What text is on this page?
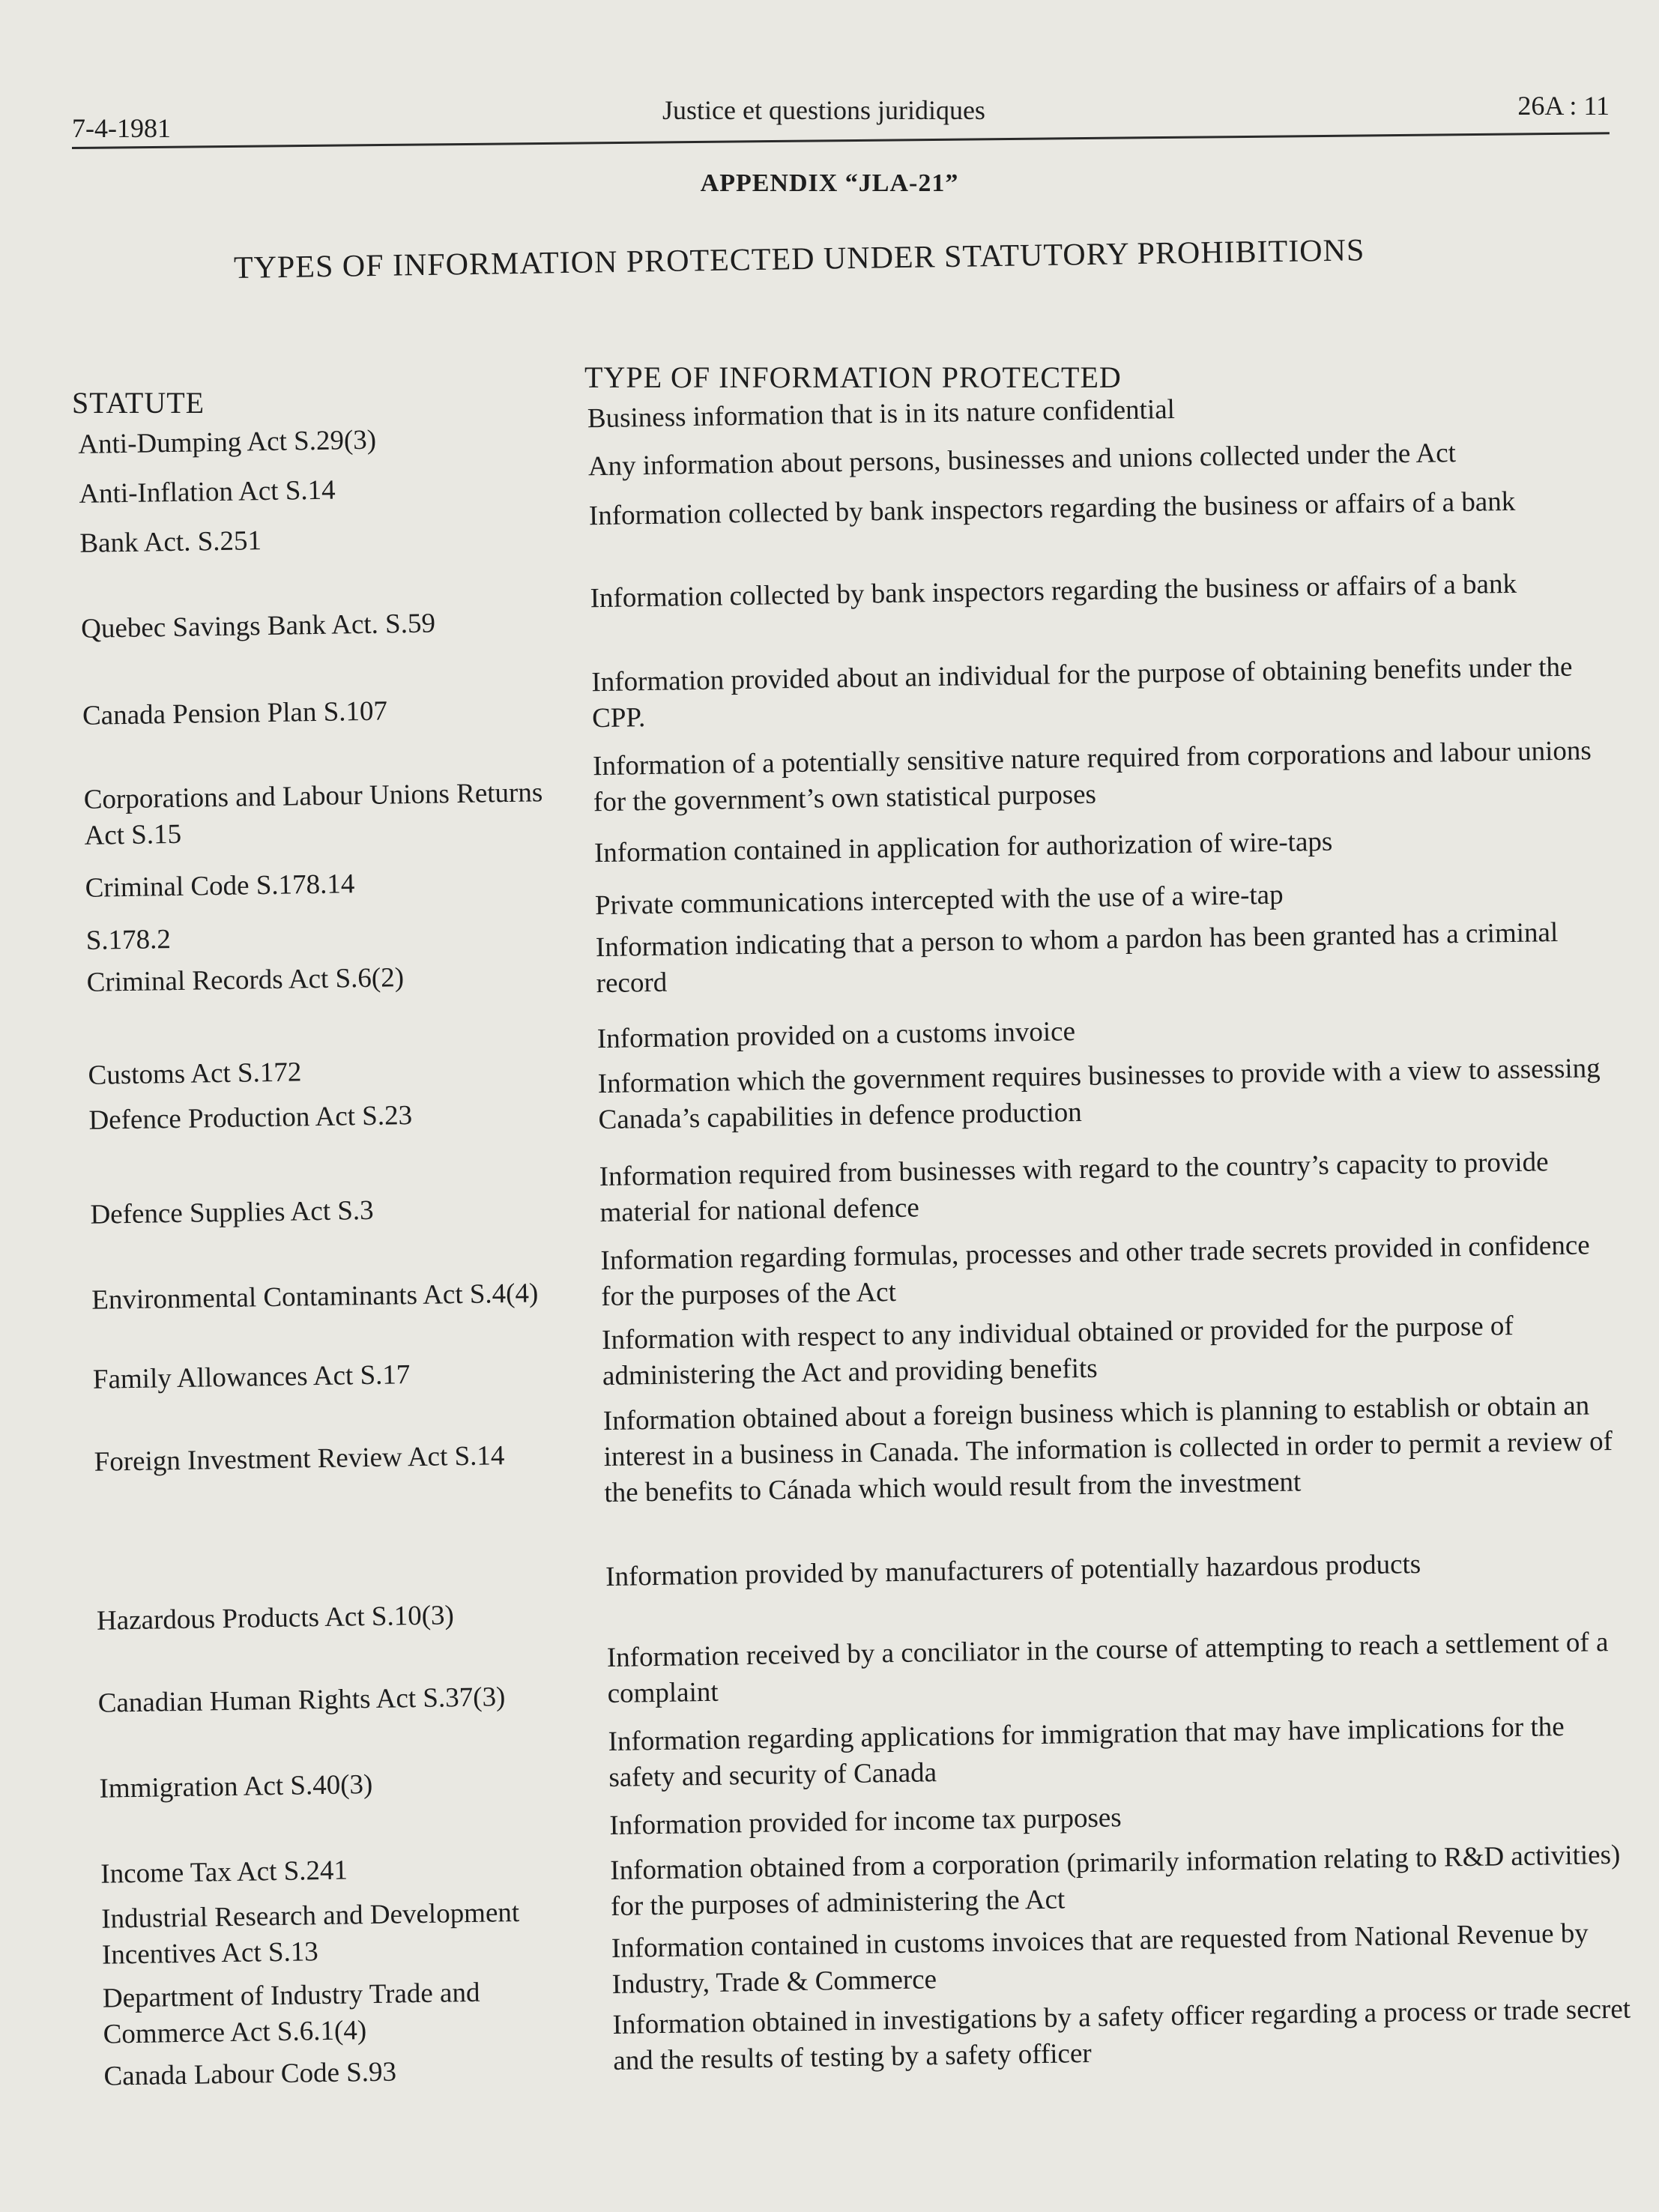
7-4-1981
Justice et questions juridiques	26A : 11
APPENDIX “JLA-21”
TYPES OF INFORMATION PROTECTED UNDER STATUTORY PROHIBITIONS
STATUTE
TYPE OF INFORMATION PROTECTED
Anti-Dumping Act S.29(3)
Business information that is in its nature confidential
Anti-Inflation Act S.14
Any information about persons, businesses and unions collected under the Act
Bank Act. S.251
Information collected by bank inspectors regarding the business or affairs of a bank
Quebec Savings Bank Act. S.59
Information collected by bank inspectors regarding the business or affairs of a bank
Canada Pension Plan S.107
Information provided about an individual for the purpose of obtaining benefits under the CPP.
Corporations and Labour Unions Returns Act S.15
Information of a potentially sensitive nature required from corporations and labour unions for the government’s own statistical purposes
Criminal Code S.178.14
Information contained in application for authorization of wire-taps
S.178.2
Private communications intercepted with the use of a wire-tap
Criminal Records Act S.6(2)
Information indicating that a person to whom a pardon has been granted has a criminal record
Customs Act S.172
Information provided on a customs invoice
Defence Production Act S.23
Information which the government requires businesses to provide with a view to assessing Canada’s capabilities in defence production
Defence Supplies Act S.3
Information required from businesses with regard to the country’s capacity to provide material for national defence
Environmental Contaminants Act S.4(4)
Information regarding formulas, processes and other trade secrets provided in confidence for the purposes of the Act
Family Allowances Act S.17
Information with respect to any individual obtained or provided for the purpose of administering the Act and providing benefits
Foreign Investment Review Act S.14
Information obtained about a foreign business which is planning to establish or obtain an interest in a business in Canada. The information is collected in order to permit a review of the benefits to Cánada which would result from the investment
Hazardous Products Act S.10(3)
Information provided by manufacturers of potentially hazardous products
Canadian Human Rights Act S.37(3)
Information received by a conciliator in the course of attempting to reach a settlement of a complaint
Immigration Act S.40(3)
Information regarding applications for immigration that may have implications for the safety and security of Canada
Income Tax Act S.241
Information provided for income tax purposes
Industrial Research and Development Incentives Act S.13
Information obtained from a corporation (primarily information relating to R&D activities) for the purposes of administering the Act
Department of Industry Trade and Commerce Act S.6.1(4)
Information contained in customs invoices that are requested from National Revenue by Industry, Trade & Commerce
Canada Labour Code S.93
Information obtained in investigations by a safety officer regarding a process or trade secret and the results of testing by a safety officer
